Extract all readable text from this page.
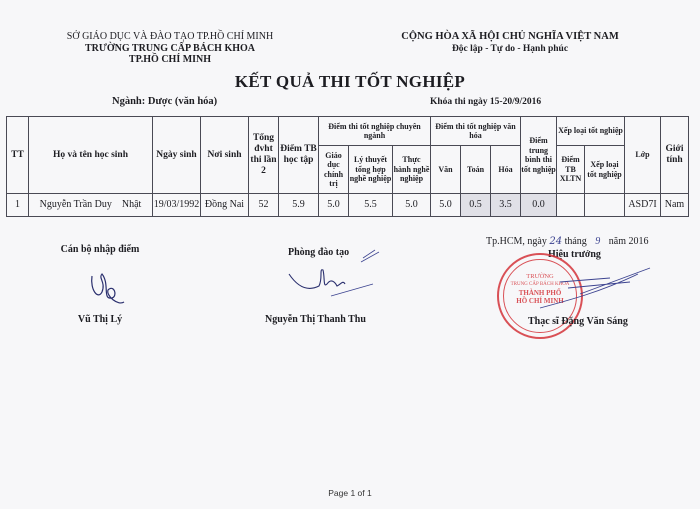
SỞ GIÁO DỤC VÀ ĐÀO TẠO TP.HỒ CHÍ MINH
TRƯỜNG TRUNG CẤP BÁCH KHOA
TP.HỒ CHÍ MINH
CỘNG HÒA XÃ HỘI CHỦ NGHĨA VIỆT NAM
Độc lập - Tự do - Hạnh phúc
KẾT QUẢ THI TỐT NGHIỆP
Ngành: Dược (văn hóa)	Khóa thi ngày 15-20/9/2016
TT	Họ và tên học sinh	Ngày sinh	Nơi sinh	Tổng đvht thi lần 2	Điểm TB học tập	Điểm thi tốt nghiệp chuyên ngành			Điểm thi tốt nghiệp văn hóa			Điểm trung bình thi tốt nghiệp	Xếp loại tốt nghiệp		Lớp	Giới tính
						Giáo dục chính trị	Lý thuyết tổng hợp nghề nghiệp	Thực hành nghề nghiệp	Văn	Toán	Hóa		Điểm TB XLTN	Xếp loại tốt nghiệp		
1	Nguyễn Trần Duy    Nhật	19/03/1992	Đồng Nai	52	5.9	5.0	5.5	5.0	5.0	0.5	3.5	0.0			ASD7I	Nam
Cán bộ nhập điểm
Vũ Thị Lý
Phòng đào tạo
Nguyễn Thị Thanh Thu
Tp.HCM, ngày 24 tháng 9 năm 2016
Hiệu trưởng
TRƯỜNG
TRUNG CẤP BÁCH KHOA
THÀNH PHỐ
HỒ CHÍ MINH
Thạc sĩ Đặng Văn Sáng
Page 1 of 1
